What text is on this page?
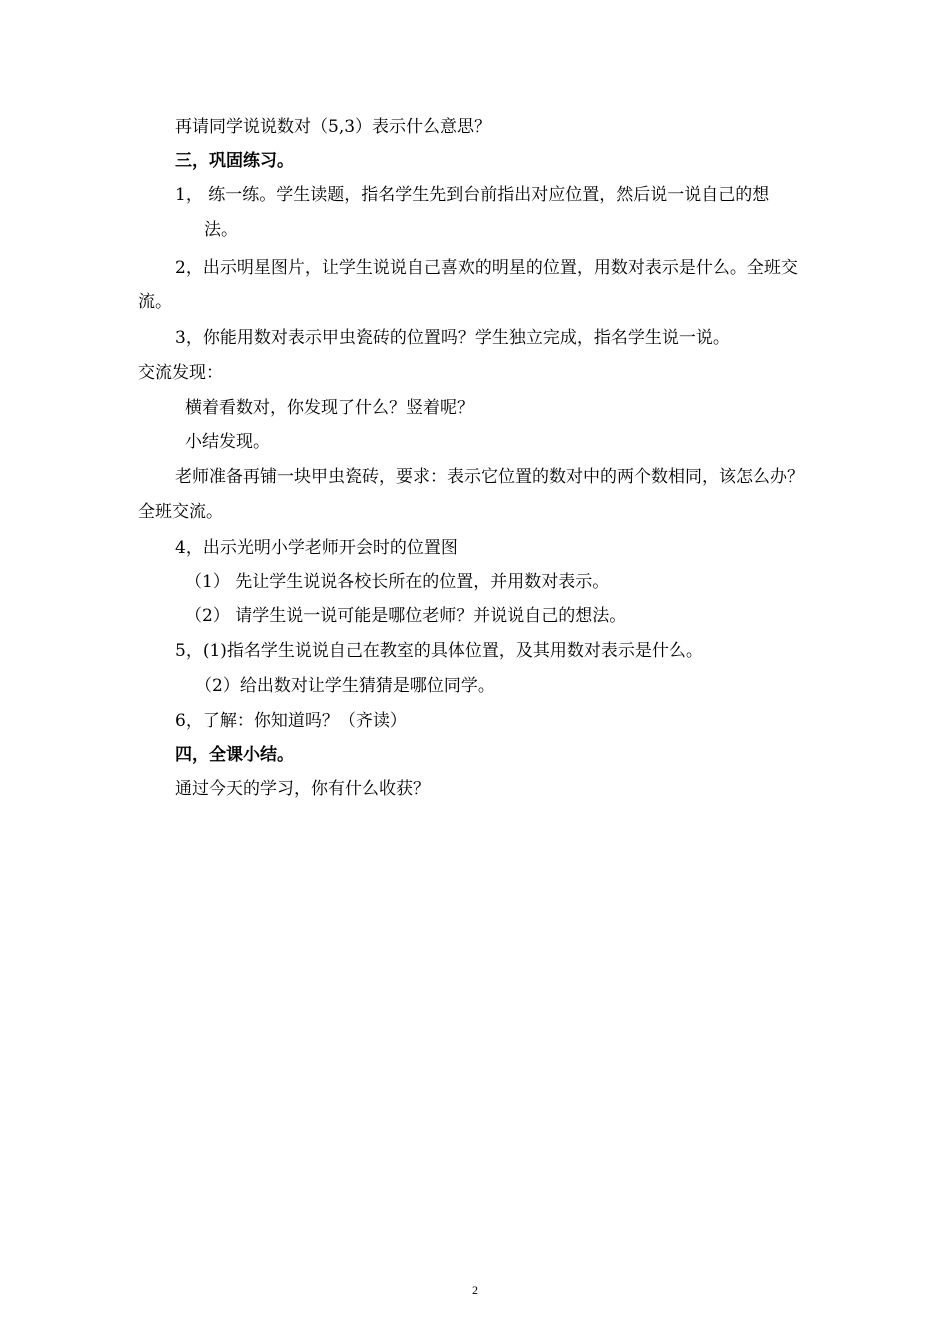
再请同学说说数对（5,3）表示什么意思？
三，巩固练习。
1， 练一练。学生读题，指名学生先到台前指出对应位置，然后说一说自己的想
法。
2，出示明星图片，让学生说说自己喜欢的明星的位置，用数对表示是什么。全班交
流。
3，你能用数对表示甲虫瓷砖的位置吗？学生独立完成，指名学生说一说。
交流发现：
横着看数对，你发现了什么？竖着呢？
小结发现。
老师准备再铺一块甲虫瓷砖，要求：表示它位置的数对中的两个数相同，该怎么办？
全班交流。
4，出示光明小学老师开会时的位置图
（1） 先让学生说说各校长所在的位置，并用数对表示。
（2） 请学生说一说可能是哪位老师？并说说自己的想法。
5，(1)指名学生说说自己在教室的具体位置，及其用数对表示是什么。
（2）给出数对让学生猜猜是哪位同学。
6，了解：你知道吗？（齐读）
四，全课小结。
通过今天的学习，你有什么收获？
2
